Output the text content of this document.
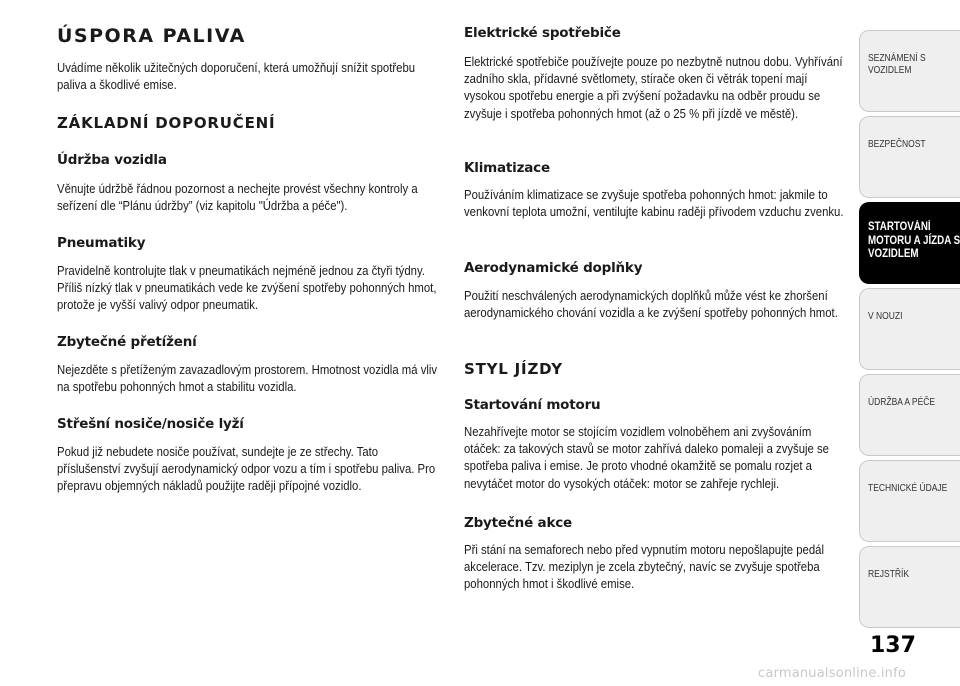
ÚSPORA PALIVA

Uvádíme několik užitečných doporučení, která umožňují snížit spotřebu paliva a škodlivé emise.

ZÁKLADNÍ DOPORUČENÍ
Údržba vozidla

Věnujte údržbě řádnou pozornost a nechejte provést všechny kontroly a seřízení dle “Plánu údržby” (viz kapitolu "Údržba a péče").

Pneumatiky

Pravidelně kontrolujte tlak v pneumatikách nejméně jednou za čtyři týdny. Příliš nízký tlak v pneumatikách vede ke zvýšení spotřeby pohonných hmot, protože je vyšší valivý odpor pneumatik.

Zbytečné přetížení

Nejezděte s přetíženým zavazadlovým prostorem. Hmotnost vozidla má vliv na spotřebu pohonných hmot a stabilitu vozidla.

Střešní nosiče/nosiče lyží

Pokud již nebudete nosiče používat, sundejte je ze střechy. Tato příslušenství zvyšují aerodynamický odpor vozu a tím i spotřebu paliva. Pro přepravu objemných nákladů použijte raději přípojné vozidlo.

Elektrické spotřebiče

Elektrické spotřebiče používejte pouze po nezbytně nutnou dobu. Vyhřívání zadního skla, přídavné světlomety, stírače oken či větrák topení mají vysokou spotřebu energie a při zvýšení požadavku na odběr proudu se zvyšuje i spotřeba pohonných hmot (až o 25 % při jízdě ve městě).

Klimatizace

Používáním klimatizace se zvyšuje spotřeba pohonných hmot: jakmile to venkovní teplota umožní, ventilujte kabinu raději přívodem vzduchu zvenku.

Aerodynamické doplňky

Použití neschválených aerodynamických doplňků může vést ke zhoršení aerodynamického chování vozidla a ke zvýšení spotřeby pohonných hmot.

STYL JÍZDY
Startování motoru

Nezahřívejte motor se stojícím vozidlem volnoběhem ani zvyšováním otáček: za takových stavů se motor zahřívá daleko pomaleji a zvyšuje se spotřeba paliva i emise. Je proto vhodné okamžitě se pomalu rozjet a nevytáčet motor do vysokých otáček: motor se zahřeje rychleji.

Zbytečné akce

Při stání na semaforech nebo před vypnutím motoru nepošlapujte pedál akcelerace. Tzv. meziplyn je zcela zbytečný, navíc se zvyšuje spotřeba pohonných hmot i škodlivé emise.

SEZNÁMENÍ S VOZIDLEM
BEZPEČNOST
STARTOVÁNÍ MOTORU A JÍZDA S VOZIDLEM
V NOUZI
ÚDRŽBA A PÉČE
TECHNICKÉ ÚDAJE
REJSTŘÍK
137
carmanualsonline.info
